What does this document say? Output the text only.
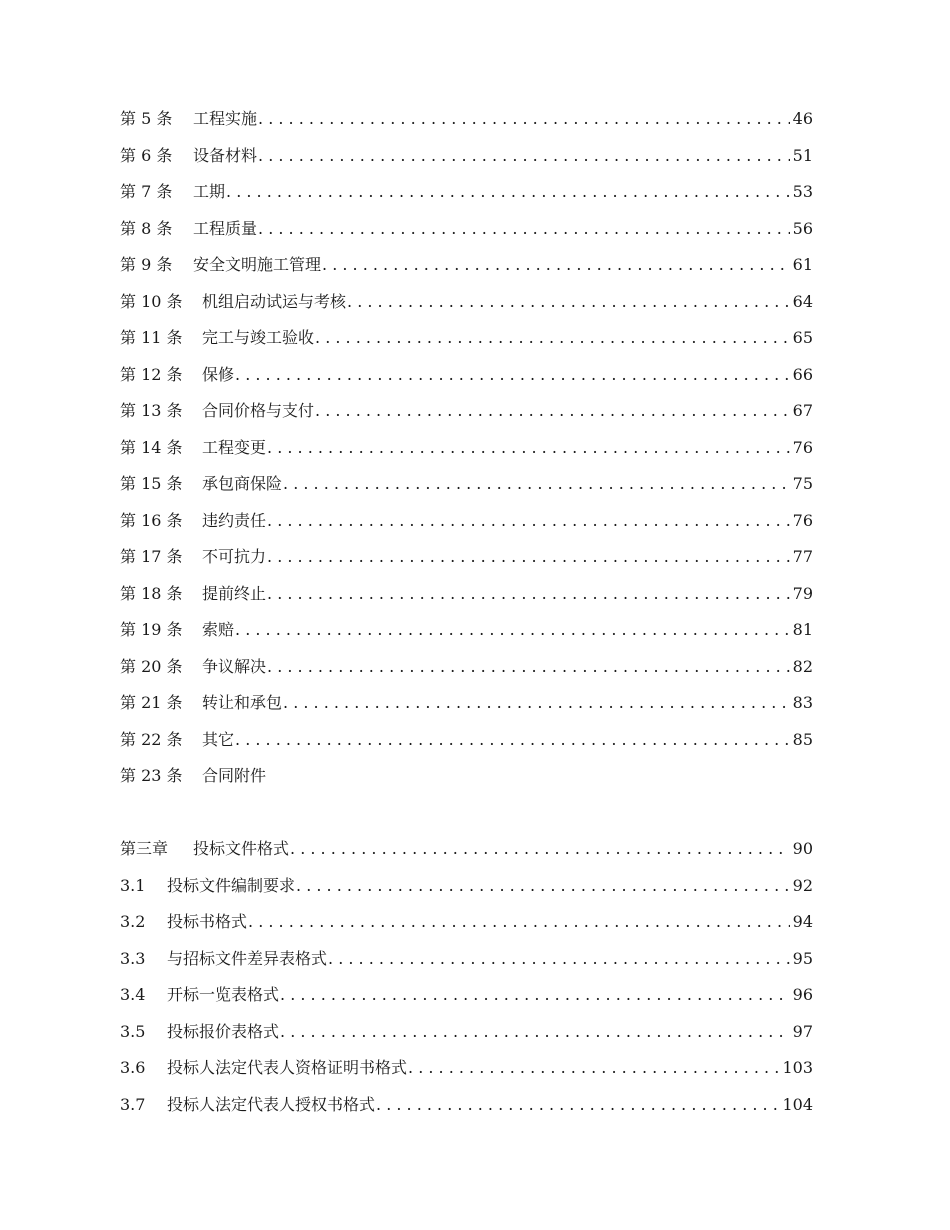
第 5 条	工程实施 . . .	46
第 6 条	设备材料 . . .	51
第 7 条	工期 . . .	53
第 8 条	工程质量 . . .	56
第 9 条	安全文明施工管理 . . .	61
第 10 条	机组启动试运与考核 . . .	64
第 11 条	完工与竣工验收 . . .	65
第 12 条	保修 . . .	66
第 13 条	合同价格与支付 . . .	67
第 14 条	工程变更 . . .	76
第 15 条	承包商保险 . . .	75
第 16 条	违约责任 . . .	76
第 17 条	不可抗力 . . .	77
第 18 条	提前终止 . . .	79
第 19 条	索赔 . . .	81
第 20 条	争议解决 . . .	82
第 21 条	转让和承包 . . .	83
第 22 条	其它 . . .	85
第 23 条	合同附件
第三章	投标文件格式 . . .	90
3.1	投标文件编制要求 . . .	92
3.2	投标书格式 . . .	94
3.3	与招标文件差异表格式 . . .	95
3.4	开标一览表格式 . . .	96
3.5	投标报价表格式 . . .	97
3.6	投标人法定代表人资格证明书格式 . . .	103
3.7	投标人法定代表人授权书格式 . . .	104
